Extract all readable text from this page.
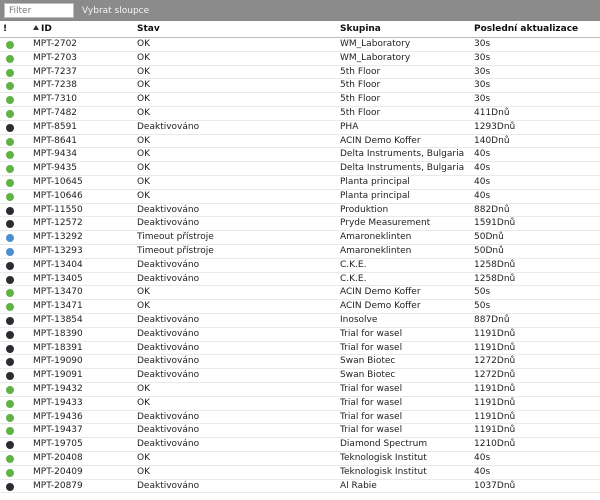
Filter
Vybrat sloupce
!	ID	Stav	Skupina	Poslední aktualizace
MPT-2702	OK	WM_Laboratory	30s
MPT-2703	OK	WM_Laboratory	30s
MPT-7237	OK	5th Floor	30s
MPT-7238	OK	5th Floor	30s
MPT-7310	OK	5th Floor	30s
MPT-7482	OK	5th Floor	411Dnů
MPT-8591	Deaktivováno	PHA	1293Dnů
MPT-8641	OK	ACIN Demo Koffer	140Dnů
MPT-9434	OK	Delta Instruments, Bulgaria 40s
MPT-9435	OK	Delta Instruments, Bulgaria 40s
MPT-10645	OK	Planta principal	40s
MPT-10646	OK	Planta principal	40s
MPT-11550	Deaktivováno	Produktion	882Dnů
MPT-12572	Deaktivováno	Pryde Measurement	1591Dnů
MPT-13292	Timeout přístroje	Amaroneklinten	50Dnů
MPT-13293	Timeout přístroje	Amaroneklinten	50Dnů
MPT-13404	Deaktivováno	C.K.E.	1258Dnů
MPT-13405	Deaktivováno	C.K.E.	1258Dnů
MPT-13470	OK	ACIN Demo Koffer	50s
MPT-13471	OK	ACIN Demo Koffer	50s
MPT-13854	Deaktivováno	Inosolve	887Dnů
MPT-18390	Deaktivováno	Trial for wasel	1191Dnů
MPT-18391	Deaktivováno	Trial for wasel	1191Dnů
MPT-19090	Deaktivováno	Swan Biotec	1272Dnů
MPT-19091	Deaktivováno	Swan Biotec	1272Dnů
MPT-19432	OK	Trial for wasel	1191Dnů
MPT-19433	OK	Trial for wasel	1191Dnů
MPT-19436	Deaktivováno	Trial for wasel	1191Dnů
MPT-19437	Deaktivováno	Trial for wasel	1191Dnů
MPT-19705	Deaktivováno	Diamond Spectrum	1210Dnů
MPT-20408	OK	Teknologisk Institut	40s
MPT-20409	OK	Teknologisk Institut	40s
MPT-20879	Deaktivováno	Al Rabie	1037Dnů
